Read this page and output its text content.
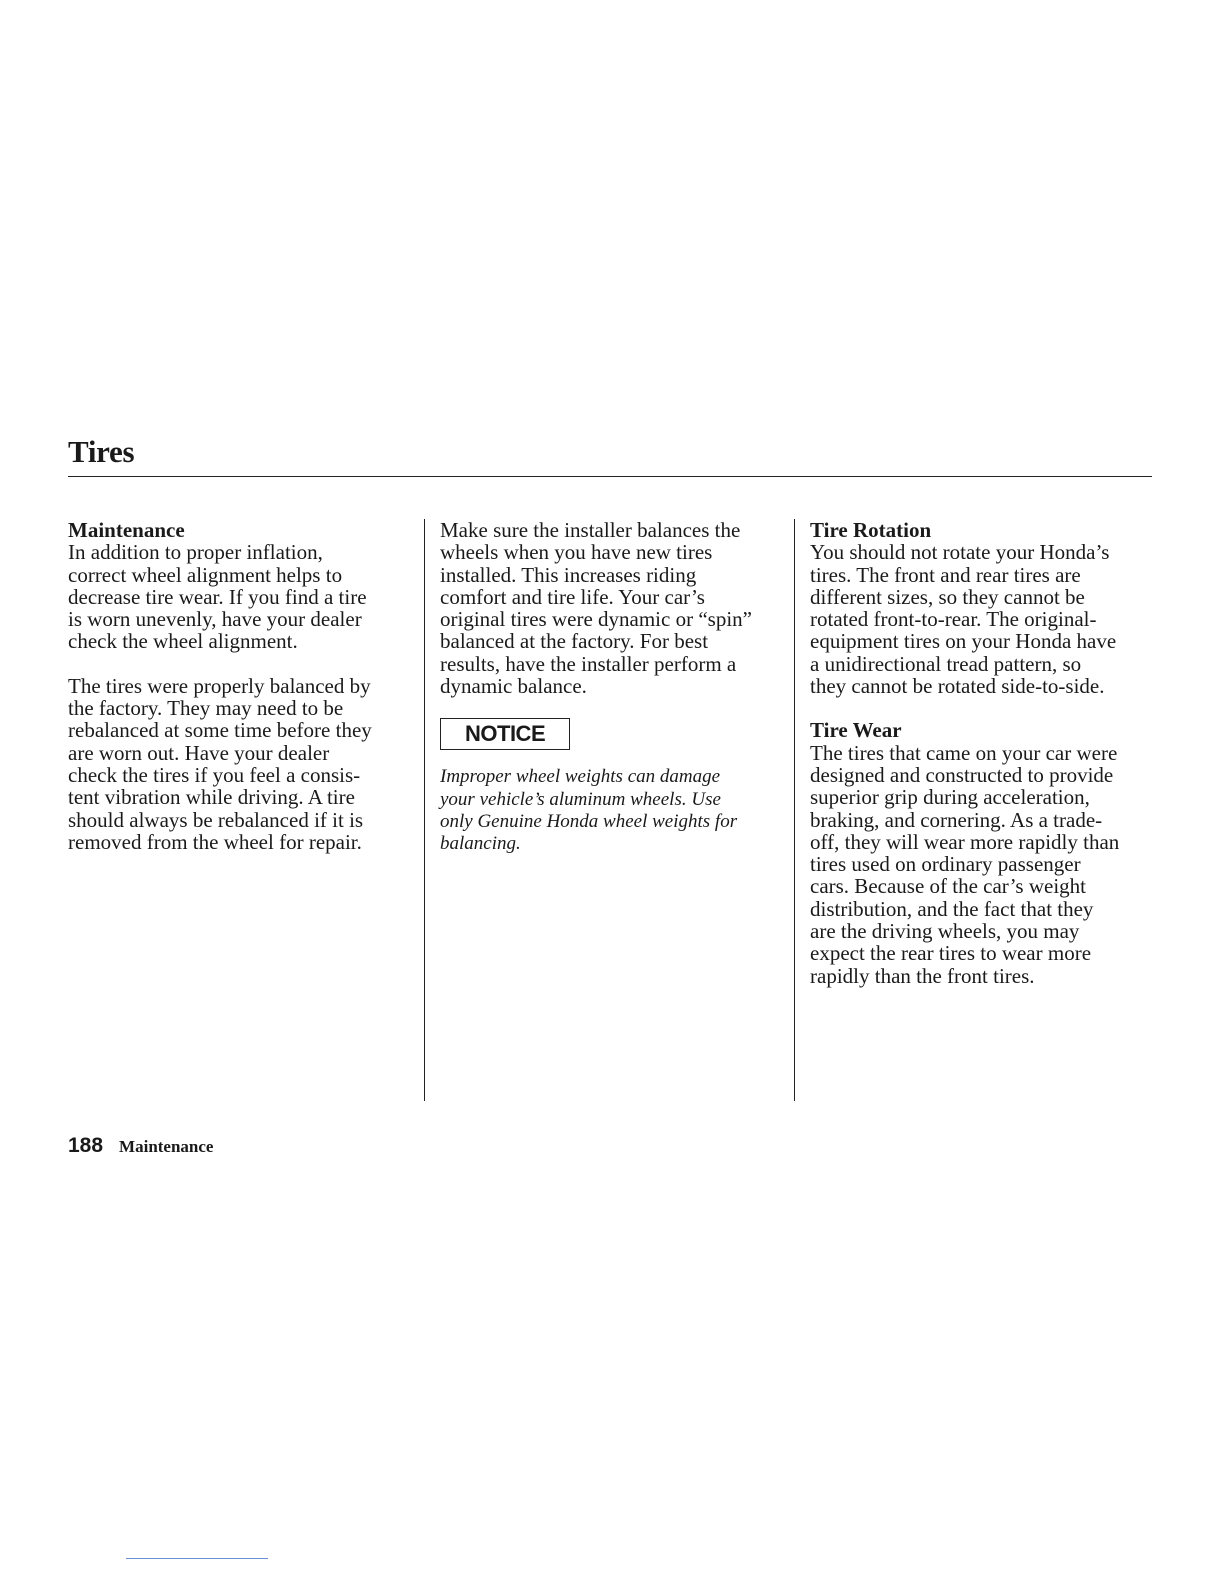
Tires
Maintenance

In addition to proper inflation,
correct wheel alignment helps to
decrease tire wear. If you find a tire
is worn unevenly, have your dealer
check the wheel alignment.

The tires were properly balanced by
the factory. They may need to be
rebalanced at some time before they
are worn out. Have your dealer
check the tires if you feel a consis-
tent vibration while driving. A tire
should always be rebalanced if it is
removed from the wheel for repair.

Make sure the installer balances the
wheels when you have new tires
installed. This increases riding
comfort and tire life. Your car’s
original tires were dynamic or “spin”
balanced at the factory. For best
results, have the installer perform a
dynamic balance.

NOTICE

Improper wheel weights can damage
your vehicle’s aluminum wheels. Use
only Genuine Honda wheel weights for
balancing.

Tire Rotation

You should not rotate your Honda’s
tires. The front and rear tires are
different sizes, so they cannot be
rotated front-to-rear. The original-
equipment tires on your Honda have
a unidirectional tread pattern, so
they cannot be rotated side-to-side.

Tire Wear

The tires that came on your car were
designed and constructed to provide
superior grip during acceleration,
braking, and cornering. As a trade-
off, they will wear more rapidly than
tires used on ordinary passenger
cars. Because of the car’s weight
distribution, and the fact that they
are the driving wheels, you may
expect the rear tires to wear more
rapidly than the front tires.

188 Maintenance
